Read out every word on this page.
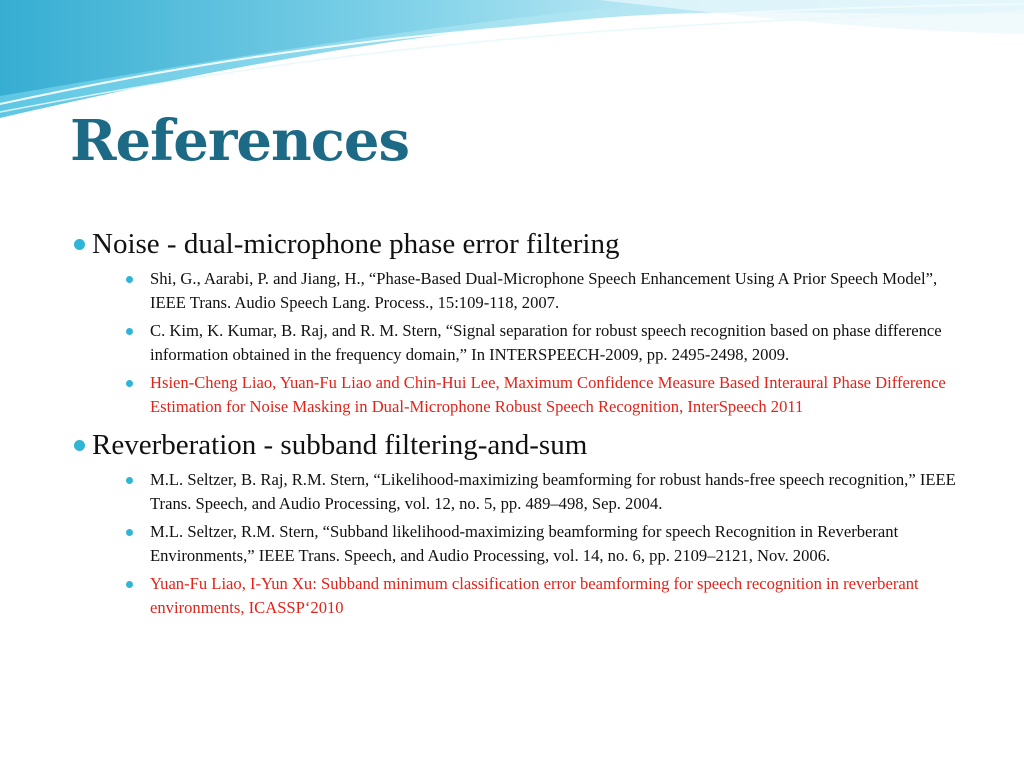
References

Noise - dual-microphone phase error filtering

Shi, G., Aarabi, P. and Jiang, H., “Phase-Based Dual-Microphone Speech Enhancement Using A Prior Speech Model”, IEEE Trans. Audio Speech Lang. Process., 15:109-118, 2007.
C. Kim, K. Kumar, B. Raj, and R. M. Stern, “Signal separation for robust speech recognition based on phase difference information obtained in the frequency domain,” In INTERSPEECH-2009, pp. 2495-2498, 2009.
Hsien-Cheng Liao, Yuan-Fu Liao and Chin-Hui Lee, Maximum Confidence Measure Based Interaural Phase Difference Estimation for Noise Masking in Dual-Microphone Robust Speech Recognition, InterSpeech 2011

Reverberation - subband filtering-and-sum

M.L. Seltzer, B. Raj, R.M. Stern, “Likelihood-maximizing beamforming for robust hands-free speech recognition,” IEEE Trans. Speech, and Audio Processing, vol. 12, no. 5, pp. 489–498, Sep. 2004.
M.L. Seltzer, R.M. Stern, “Subband likelihood-maximizing beamforming for speech Recognition in Reverberant Environments,” IEEE Trans. Speech, and Audio Processing, vol. 14, no. 6, pp. 2109–2121, Nov. 2006.
Yuan-Fu Liao, I-Yun Xu: Subband minimum classification error beamforming for speech recognition in reverberant environments, ICASSP‘2010
